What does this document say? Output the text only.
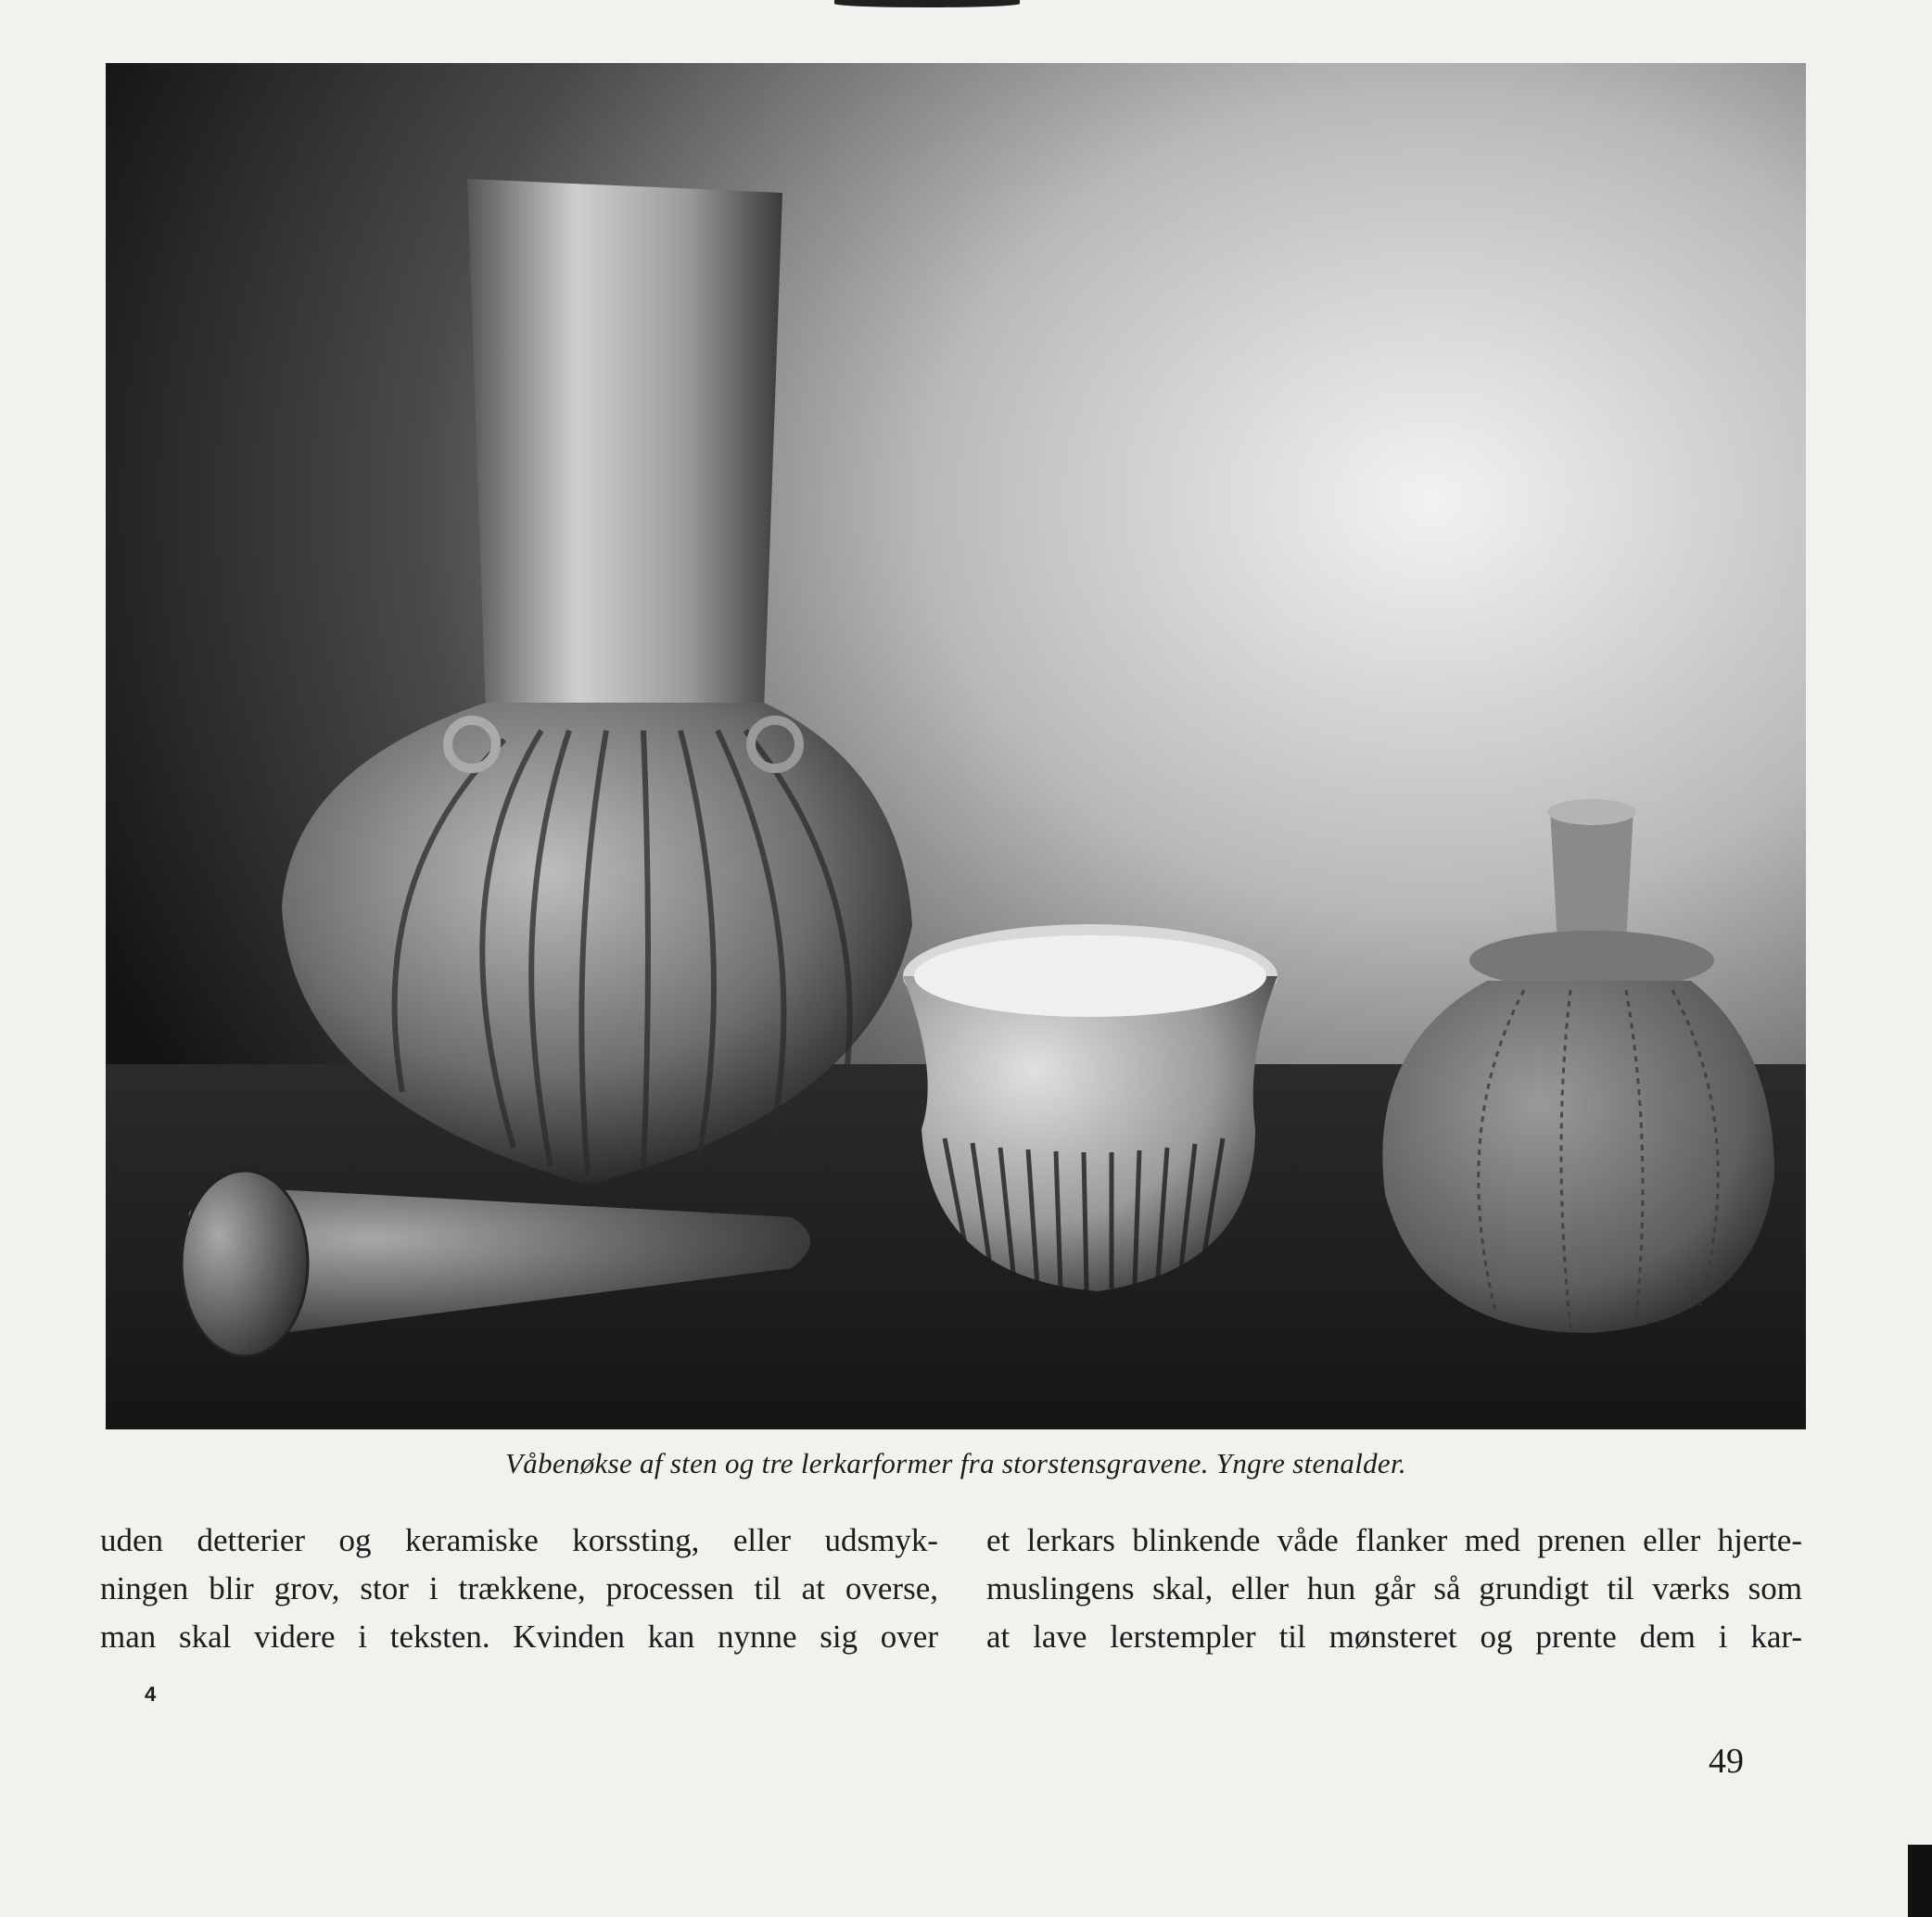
Våbenøkse af sten og tre lerkarformer fra storstensgravene. Yngre stenalder.
uden detterier og keramiske korssting, eller udsmyk-
ningen blir grov, stor i trækkene, processen til at overse,
man skal videre i teksten. Kvinden kan nynne sig over
et lerkars blinkende våde flanker med prenen eller hjerte-
muslingens skal, eller hun går så grundigt til værks som
at lave lerstempler til mønsteret og prente dem i kar-
4
49
